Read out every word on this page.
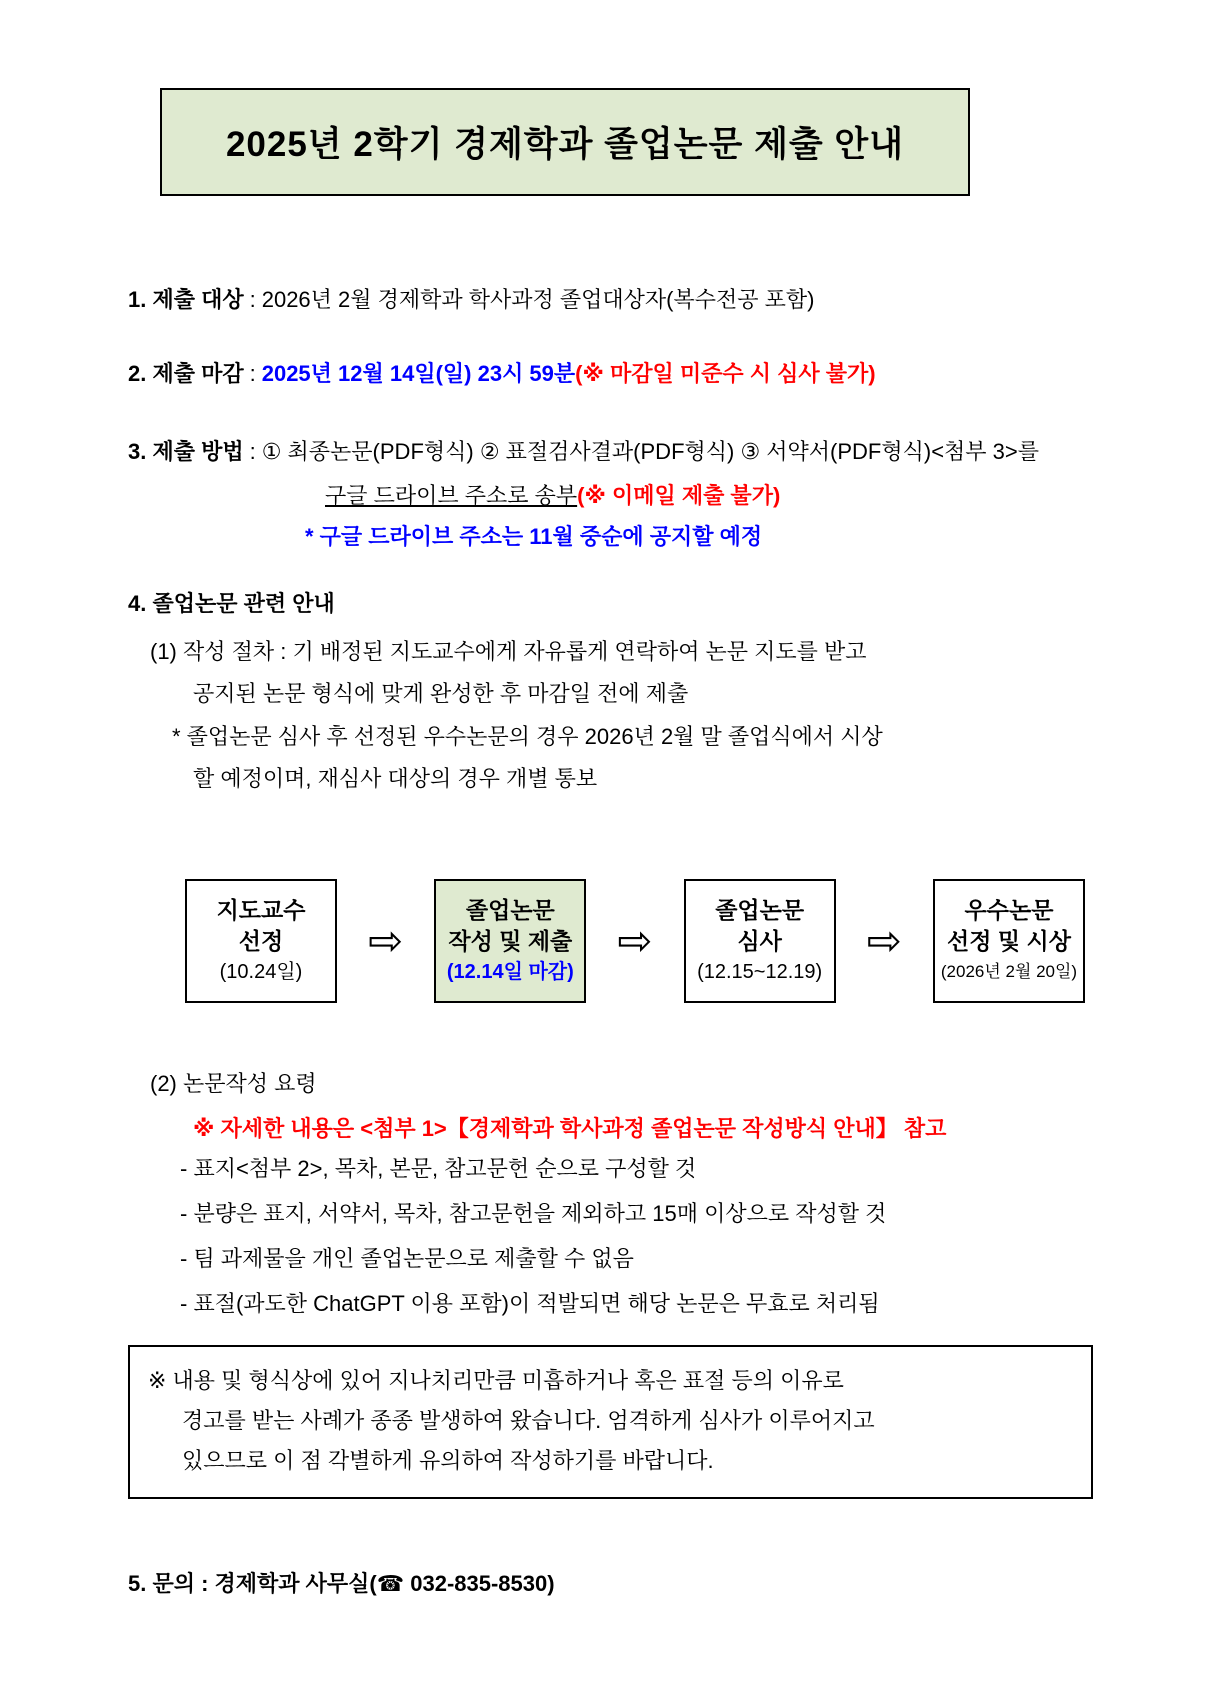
2025년 2학기 경제학과 졸업논문 제출 안내
1. 제출 대상 : 2026년 2월 경제학과 학사과정 졸업대상자(복수전공 포함)
2. 제출 마감 : 2025년 12월 14일(일) 23시 59분(※ 마감일 미준수 시 심사 불가)
3. 제출 방법 : ① 최종논문(PDF형식) ② 표절검사결과(PDF형식) ③ 서약서(PDF형식)<첨부 3>를
구글 드라이브 주소로 송부(※ 이메일 제출 불가)
* 구글 드라이브 주소는 11월 중순에 공지할 예정
4. 졸업논문 관련 안내
(1) 작성 절차 : 기 배정된 지도교수에게 자유롭게 연락하여 논문 지도를 받고
공지된 논문 형식에 맞게 완성한 후 마감일 전에 제출
* 졸업논문 심사 후 선정된 우수논문의 경우 2026년 2월 말 졸업식에서 시상
할 예정이며, 재심사 대상의 경우 개별 통보
지도교수
선정
(10.24일)
⇨
졸업논문
작성 및 제출
(12.14일 마감)
⇨
졸업논문
심사
(12.15~12.19)
⇨
우수논문
선정 및 시상
(2026년 2월 20일)
(2) 논문작성 요령
※ 자세한 내용은 <첨부 1>【경제학과 학사과정 졸업논문 작성방식 안내】 참고
- 표지<첨부 2>, 목차, 본문, 참고문헌 순으로 구성할 것
- 분량은 표지, 서약서, 목차, 참고문헌을 제외하고 15매 이상으로 작성할 것
- 팀 과제물을 개인 졸업논문으로 제출할 수 없음
- 표절(과도한 ChatGPT 이용 포함)이 적발되면 해당 논문은 무효로 처리됨
※ 내용 및 형식상에 있어 지나치리만큼 미흡하거나 혹은 표절 등의 이유로
경고를 받는 사례가 종종 발생하여 왔습니다. 엄격하게 심사가 이루어지고
있으므로 이 점 각별하게 유의하여 작성하기를 바랍니다.
5. 문의 : 경제학과 사무실(☎ 032-835-8530)
